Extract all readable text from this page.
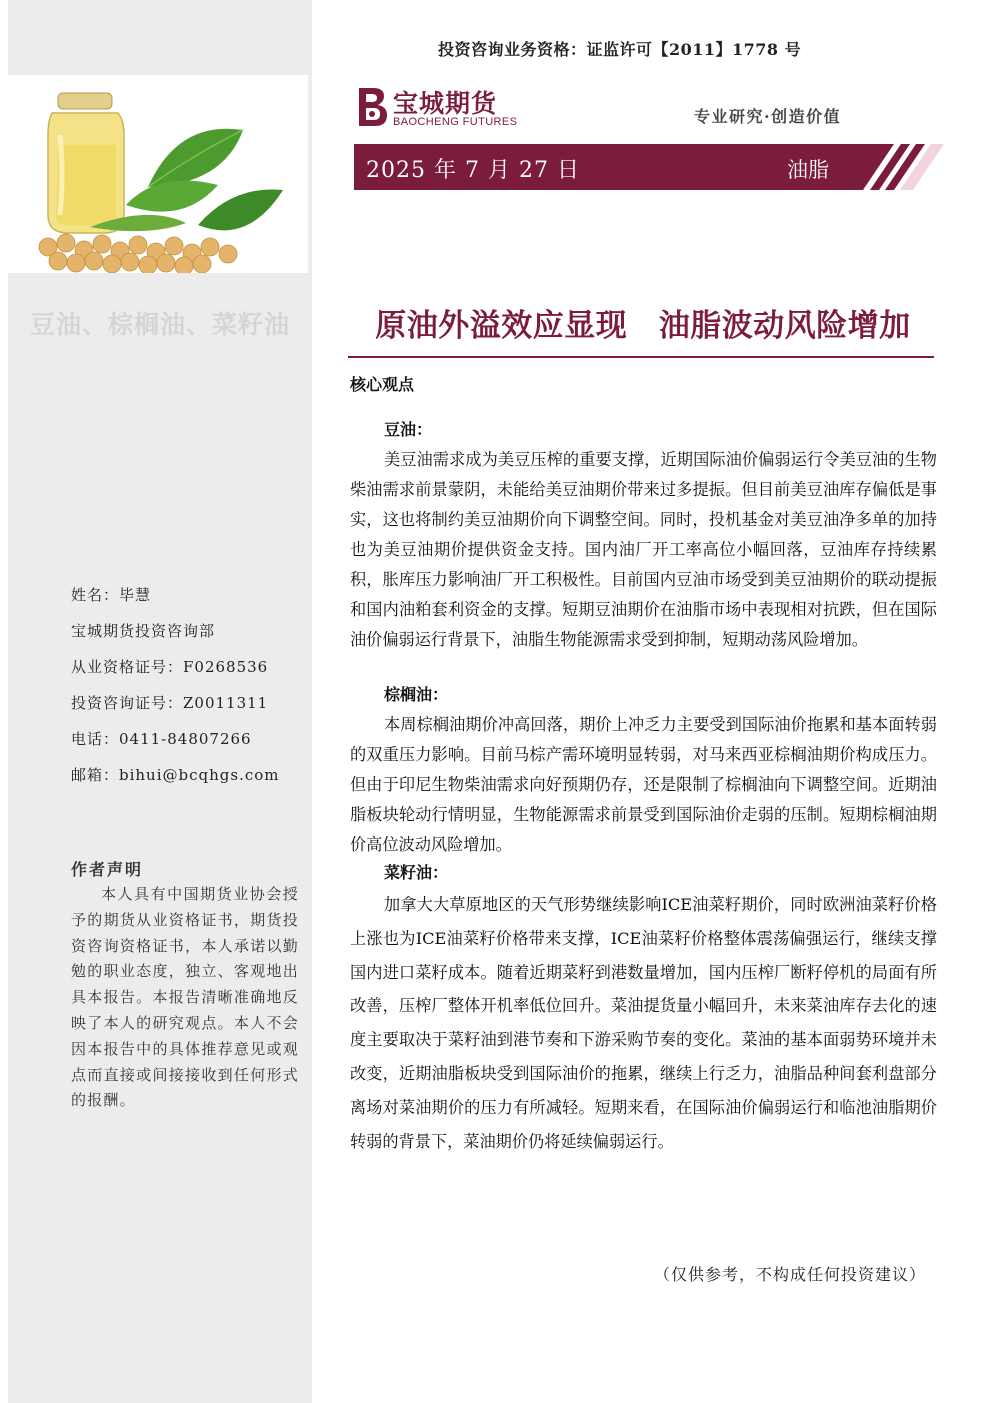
豆油、棕榈油、菜籽油
姓名：毕慧
宝城期货投资咨询部
从业资格证号：F0268536
投资咨询证号：Z0011311
电话：0411-84807266
邮箱：bihui@bcqhgs.com
作者声明
本人具有中国期货业协会授予的期货从业资格证书，期货投资咨询资格证书，本人承诺以勤勉的职业态度，独立、客观地出具本报告。本报告清晰准确地反映了本人的研究观点。本人不会因本报告中的具体推荐意见或观点而直接或间接接收到任何形式的报酬。
投资咨询业务资格：证监许可【2011】1778 号
宝城期货
BAOCHENG FUTURES	专业研究·创造价值
2025 年 7 月 27 日	油脂
原油外溢效应显现　油脂波动风险增加
核心观点
豆油：
美豆油需求成为美豆压榨的重要支撑，近期国际油价偏弱运行令美豆油的生物柴油需求前景蒙阴，未能给美豆油期价带来过多提振。但目前美豆油库存偏低是事实，这也将制约美豆油期价向下调整空间。同时，投机基金对美豆油净多单的加持也为美豆油期价提供资金支持。国内油厂开工率高位小幅回落，豆油库存持续累积，胀库压力影响油厂开工积极性。目前国内豆油市场受到美豆油期价的联动提振和国内油粕套利资金的支撑。短期豆油期价在油脂市场中表现相对抗跌，但在国际油价偏弱运行背景下，油脂生物能源需求受到抑制，短期动荡风险增加。
棕榈油：
本周棕榈油期价冲高回落，期价上冲乏力主要受到国际油价拖累和基本面转弱的双重压力影响。目前马棕产需环境明显转弱，对马来西亚棕榈油期价构成压力。但由于印尼生物柴油需求向好预期仍存，还是限制了棕榈油向下调整空间。近期油脂板块轮动行情明显，生物能源需求前景受到国际油价走弱的压制。短期棕榈油期价高位波动风险增加。
菜籽油：
加拿大大草原地区的天气形势继续影响ICE油菜籽期价，同时欧洲油菜籽价格上涨也为ICE油菜籽价格带来支撑，ICE油菜籽价格整体震荡偏强运行，继续支撑国内进口菜籽成本。随着近期菜籽到港数量增加，国内压榨厂断籽停机的局面有所改善，压榨厂整体开机率低位回升。菜油提货量小幅回升，未来菜油库存去化的速度主要取决于菜籽油到港节奏和下游采购节奏的变化。菜油的基本面弱势环境并未改变，近期油脂板块受到国际油价的拖累，继续上行乏力，油脂品种间套利盘部分离场对菜油期价的压力有所减轻。短期来看，在国际油价偏弱运行和临池油脂期价转弱的背景下，菜油期价仍将延续偏弱运行。
（仅供参考，不构成任何投资建议）
